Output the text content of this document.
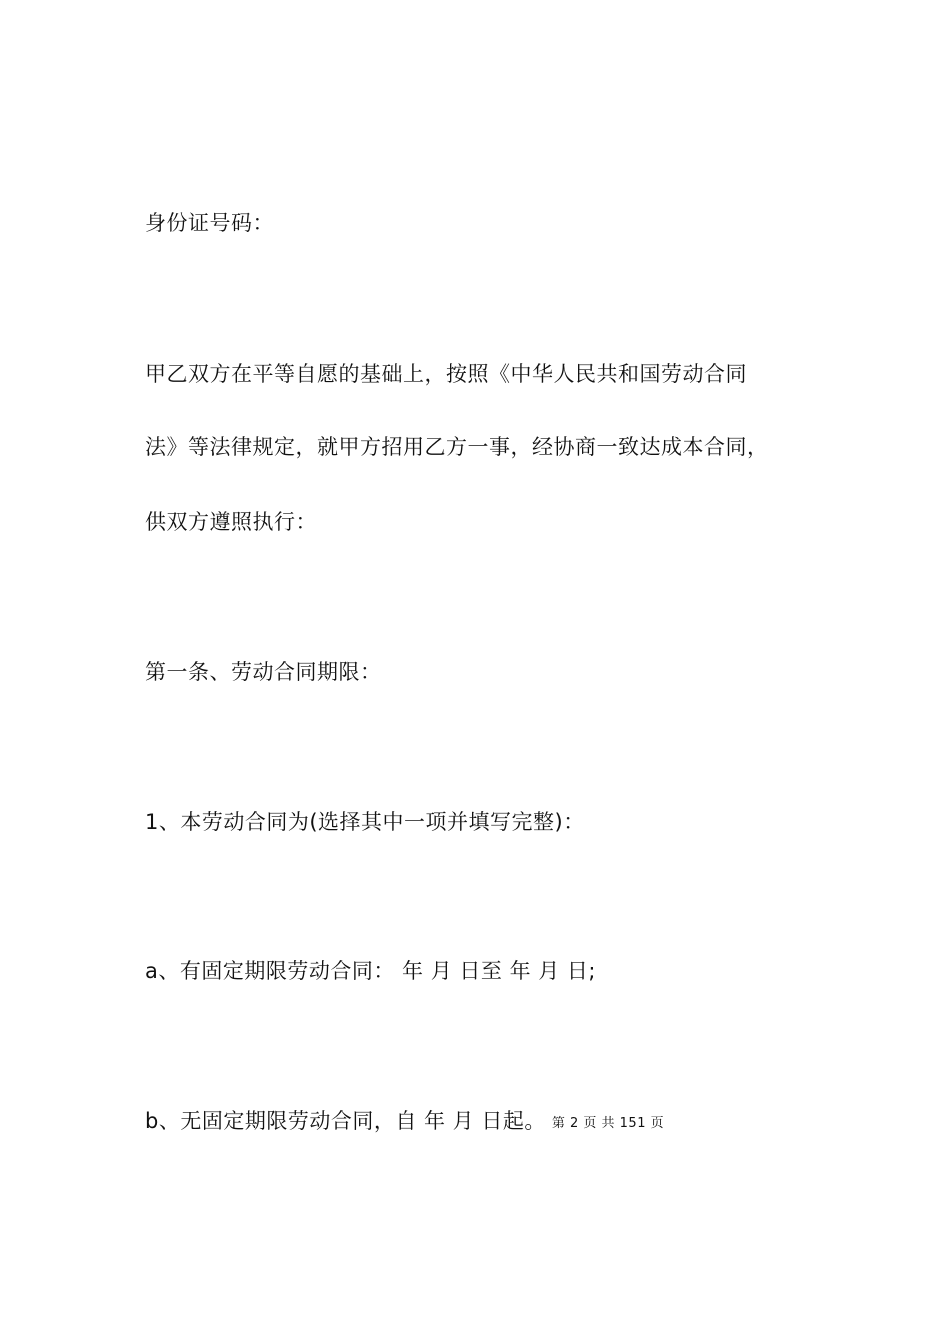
身份证号码：
甲乙双方在平等自愿的基础上，按照《中华人民共和国劳动合同
法》等法律规定，就甲方招用乙方一事，经协商一致达成本合同，
供双方遵照执行：
第一条、劳动合同期限：
1、本劳动合同为(选择其中一项并填写完整)：
a、有固定期限劳动合同： 年 月 日至 年 月 日;
b、无固定期限劳动合同，自 年 月 日起。 第 2 页 共 151 页
